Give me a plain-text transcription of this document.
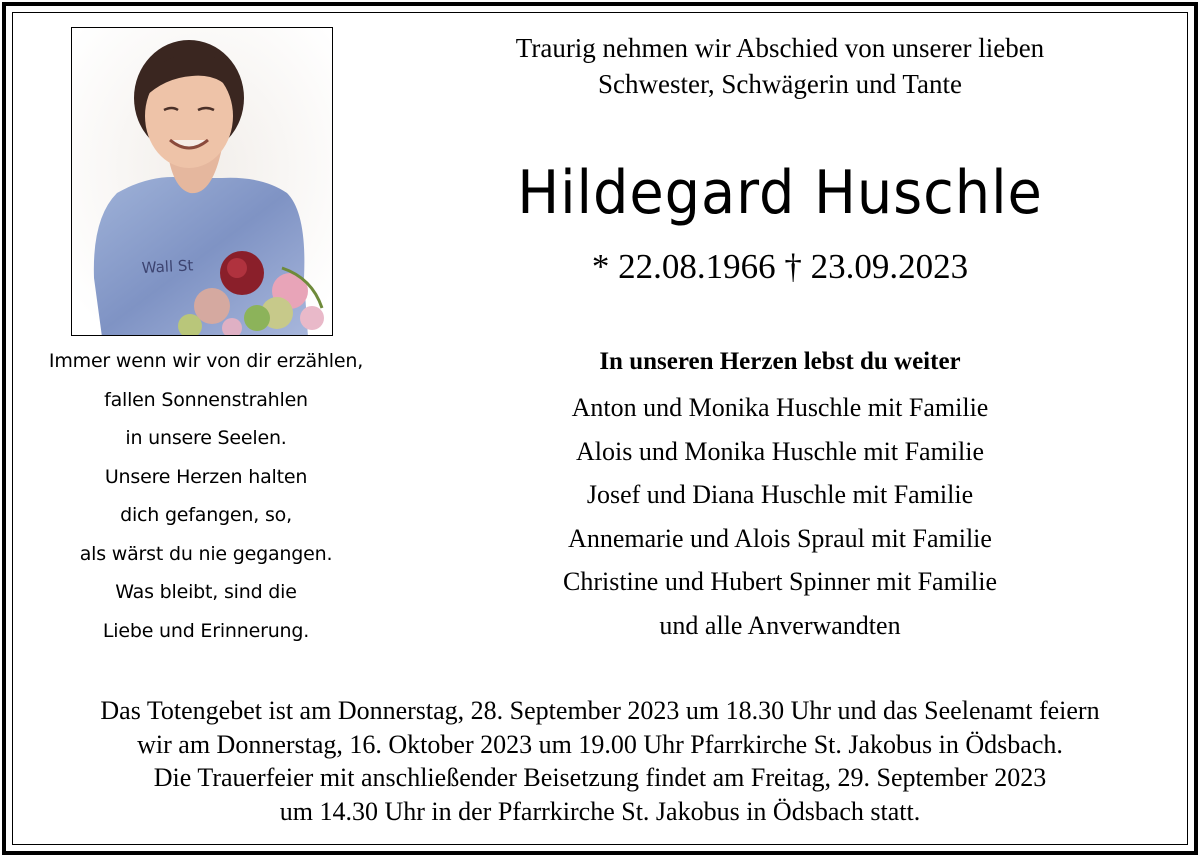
Wall St
Immer wenn wir von dir erzählen,
fallen Sonnenstrahlen
in unsere Seelen.
Unsere Herzen halten
dich gefangen, so,
als wärst du nie gegangen.
Was bleibt, sind die
Liebe und Erinnerung.
Traurig nehmen wir Abschied von unserer lieben
Schwester, Schwägerin und Tante
Hildegard Huschle
* 22.08.1966 † 23.09.2023
In unseren Herzen lebst du weiter
Anton und Monika Huschle mit Familie
Alois und Monika Huschle mit Familie
Josef und Diana Huschle mit Familie
Annemarie und Alois Spraul mit Familie
Christine und Hubert Spinner mit Familie
und alle Anverwandten
Das Totengebet ist am Donnerstag, 28. September 2023 um 18.30 Uhr und das Seelenamt feiern
wir am Donnerstag, 16. Oktober 2023 um 19.00 Uhr Pfarrkirche St. Jakobus in Ödsbach.
Die Trauerfeier mit anschließender Beisetzung findet am Freitag, 29. September 2023
um 14.30 Uhr in der Pfarrkirche St. Jakobus in Ödsbach statt.
